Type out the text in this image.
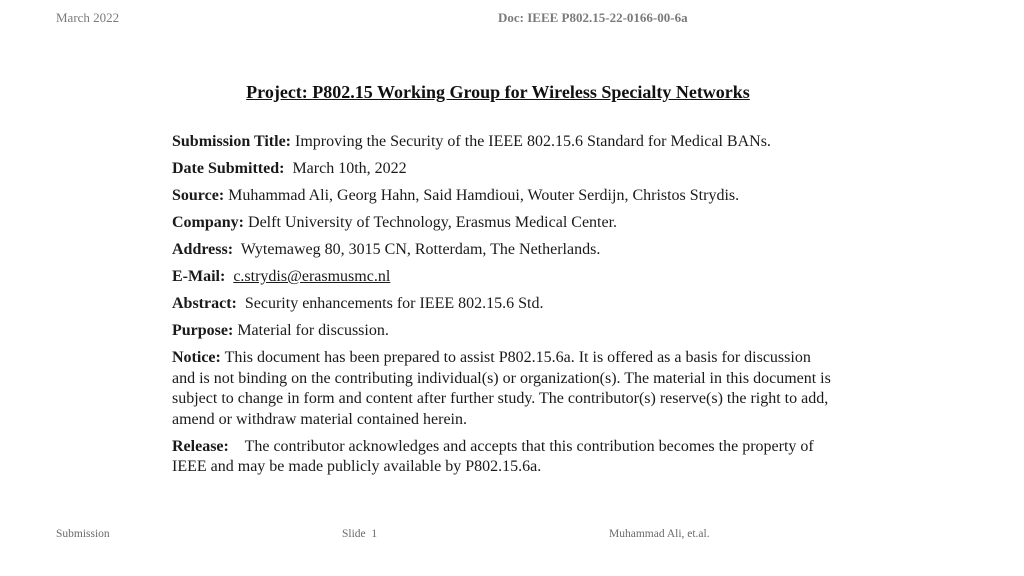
March 2022	Doc: IEEE P802.15-22-0166-00-6a
Project: P802.15 Working Group for Wireless Specialty Networks
Submission Title: Improving the Security of the IEEE 802.15.6 Standard for Medical BANs.
Date Submitted: March 10th, 2022
Source: Muhammad Ali, Georg Hahn, Said Hamdioui, Wouter Serdijn, Christos Strydis.
Company: Delft University of Technology, Erasmus Medical Center.
Address: Wytemaweg 80, 3015 CN, Rotterdam, The Netherlands.
E-Mail: c.strydis@erasmusmc.nl
Abstract: Security enhancements for IEEE 802.15.6 Std.
Purpose: Material for discussion.
Notice: This document has been prepared to assist P802.15.6a. It is offered as a basis for discussion and is not binding on the contributing individual(s) or organization(s). The material in this document is subject to change in form and content after further study. The contributor(s) reserve(s) the right to add, amend or withdraw material contained herein.
Release: The contributor acknowledges and accepts that this contribution becomes the property of IEEE and may be made publicly available by P802.15.6a.
Submission	Slide 1	Muhammad Ali, et.al.
